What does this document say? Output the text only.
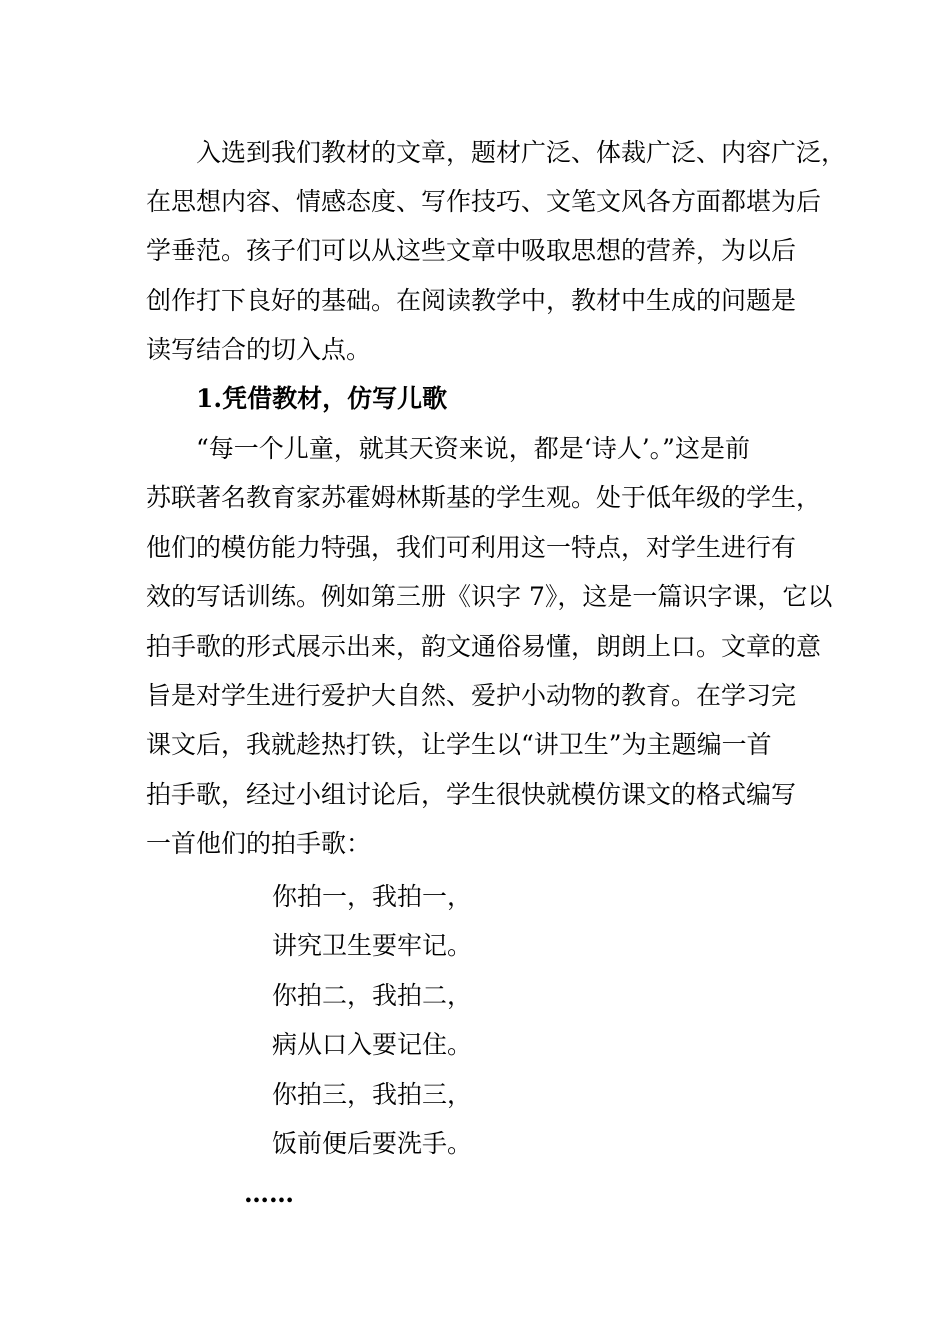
入选到我们教材的文章，题材广泛、体裁广泛、内容广泛，
在思想内容、情感态度、写作技巧、文笔文风各方面都堪为后
学垂范。孩子们可以从这些文章中吸取思想的营养，为以后
创作打下良好的基础。在阅读教学中，教材中生成的问题是
读写结合的切入点。
1.凭借教材，仿写儿歌
“每一个儿童，就其天资来说，都是‘诗人’。”这是前
苏联著名教育家苏霍姆林斯基的学生观。处于低年级的学生，
他们的模仿能力特强，我们可利用这一特点，对学生进行有
效的写话训练。例如第三册《识字 7》，这是一篇识字课，它以
拍手歌的形式展示出来，韵文通俗易懂，朗朗上口。文章的意
旨是对学生进行爱护大自然、爱护小动物的教育。在学习完
课文后，我就趁热打铁，让学生以“讲卫生”为主题编一首
拍手歌，经过小组讨论后，学生很快就模仿课文的格式编写
一首他们的拍手歌：
你拍一，我拍一，
讲究卫生要牢记。
你拍二，我拍二，
病从口入要记住。
你拍三，我拍三，
饭前便后要洗手。
……
